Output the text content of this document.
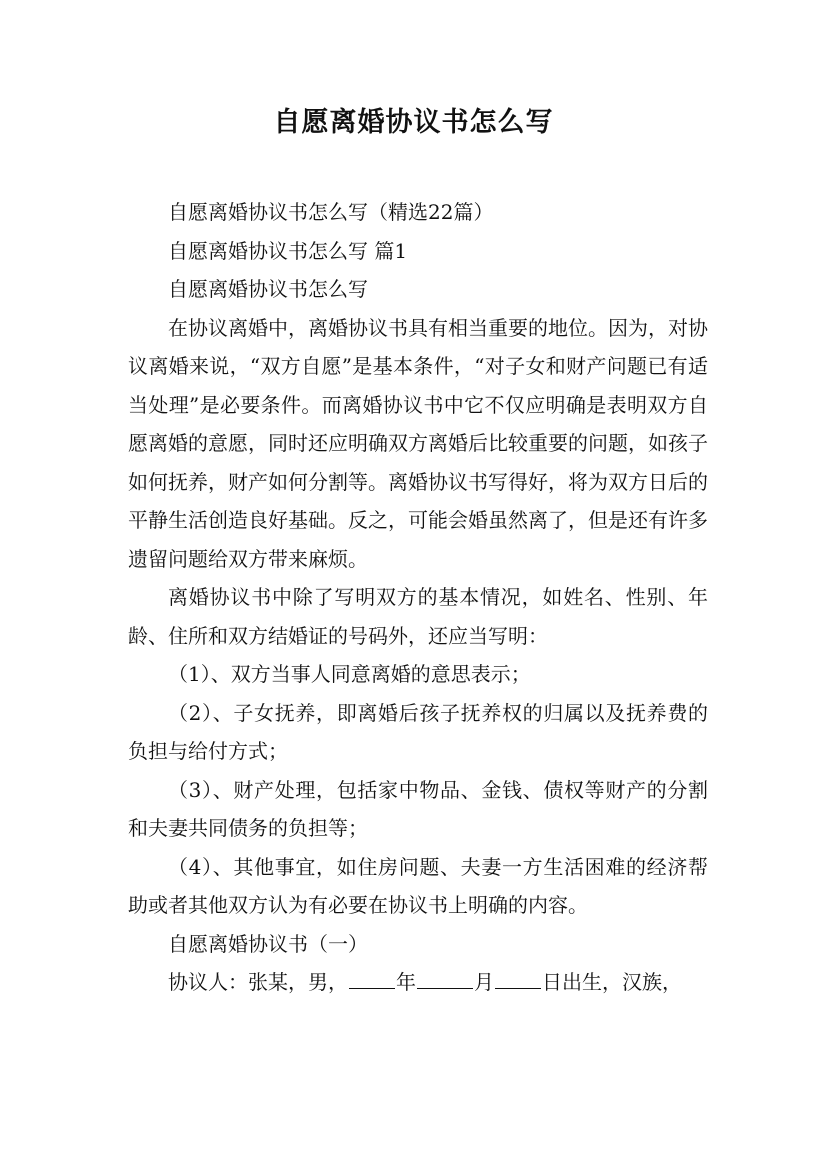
自愿离婚协议书怎么写

自愿离婚协议书怎么写（精选22篇）

自愿离婚协议书怎么写 篇1

自愿离婚协议书怎么写

在协议离婚中，离婚协议书具有相当重要的地位。因为，对协议离婚来说，“双方自愿”是基本条件，“对子女和财产问题已有适当处理”是必要条件。而离婚协议书中它不仅应明确是表明双方自愿离婚的意愿，同时还应明确双方离婚后比较重要的问题，如孩子如何抚养，财产如何分割等。离婚协议书写得好，将为双方日后的平静生活创造良好基础。反之，可能会婚虽然离了，但是还有许多遗留问题给双方带来麻烦。

离婚协议书中除了写明双方的基本情况，如姓名、性别、年龄、住所和双方结婚证的号码外，还应当写明：

（1）、双方当事人同意离婚的意思表示；

（2）、子女抚养，即离婚后孩子抚养权的归属以及抚养费的负担与给付方式；

（3）、财产处理，包括家中物品、金钱、债权等财产的分割和夫妻共同债务的负担等；

（4）、其他事宜，如住房问题、夫妻一方生活困难的经济帮助或者其他双方认为有必要在协议书上明确的内容。

自愿离婚协议书（一）

协议人：张某，男， 年	月 日出生，汉族，
